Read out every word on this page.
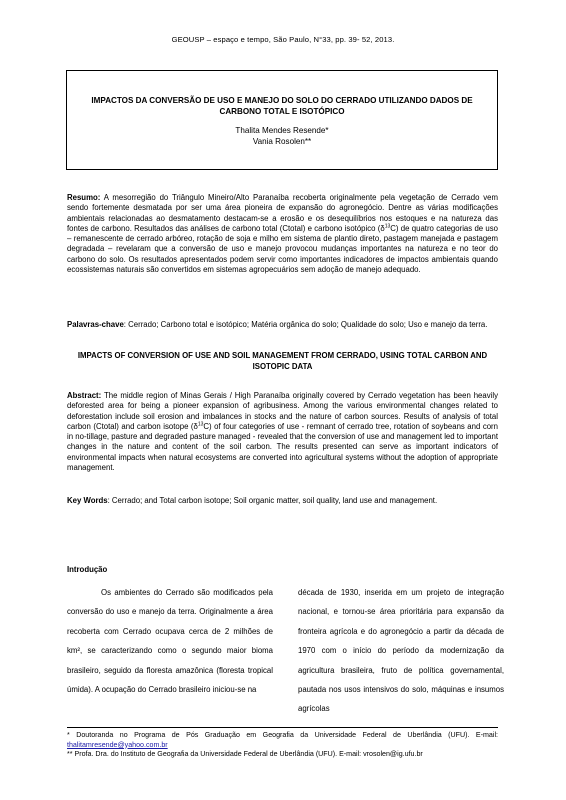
GEOUSP – espaço e tempo, São Paulo, N°33, pp. 39- 52, 2013.
IMPACTOS DA CONVERSÃO DE USO E MANEJO DO SOLO DO CERRADO UTILIZANDO DADOS DE CARBONO TOTAL E ISOTÓPICO
Thalita Mendes Resende*
Vania Rosolen**
Resumo: A mesorregião do Triângulo Mineiro/Alto Paranaíba recoberta originalmente pela vegetação de Cerrado vem sendo fortemente desmatada por ser uma área pioneira de expansão do agronegócio. Dentre as várias modificações ambientais relacionadas ao desmatamento destacam-se a erosão e os desequilíbrios nos estoques e na natureza das fontes de carbono. Resultados das análises de carbono total (Ctotal) e carbono isotópico $(\delta^{13}C)$ de quatro categorias de uso – remanescente de cerrado arbóreo, rotação de soja e milho em sistema de plantio direto, pastagem manejada e pastagem degradada – revelaram que a conversão de uso e manejo provocou mudanças importantes na natureza e no teor do carbono do solo. Os resultados apresentados podem servir como importantes indicadores de impactos ambientais quando ecossistemas naturais são convertidos em sistemas agropecuários sem adoção de manejo adequado.
Palavras-chave: Cerrado; Carbono total e isotópico; Matéria orgânica do solo; Qualidade do solo; Uso e manejo da terra.
IMPACTS OF CONVERSION OF USE AND SOIL MANAGEMENT FROM CERRADO, USING TOTAL CARBON AND ISOTOPIC DATA
Abstract: The middle region of Minas Gerais / High Paranaíba originally covered by Cerrado vegetation has been heavily deforested area for being a pioneer expansion of agribusiness. Among the various environmental changes related to deforestation include soil erosion and imbalances in stocks and the nature of carbon sources. Results of analysis of total carbon (Ctotal) and carbon isotope $(\delta^{13}C)$ of four categories of use - remnant of cerrado tree, rotation of soybeans and corn in no-tillage, pasture and degraded pasture managed - revealed that the conversion of use and management led to important changes in the nature and content of the soil carbon. The results presented can serve as important indicators of environmental impacts when natural ecosystems are converted into agricultural systems without the adoption of appropriate management.
Key Words: Cerrado; and Total carbon isotope; Soil organic matter, soil quality, land use and management.
Introdução
Os ambientes do Cerrado são modificados pela conversão do uso e manejo da terra. Originalmente a área recoberta com Cerrado ocupava cerca de 2 milhões de km², se caracterizando como o segundo maior bioma brasileiro, seguido da floresta amazônica (floresta tropical úmida). A ocupação do Cerrado brasileiro iniciou-se na
década de 1930, inserida em um projeto de integração nacional, e tornou-se área prioritária para expansão da fronteira agrícola e do agronegócio a partir da década de 1970 com o início do período da modernização da agricultura brasileira, fruto de política governamental, pautada nos usos intensivos do solo, máquinas e insumos agrícolas
* Doutoranda no Programa de Pós Graduação em Geografia da Universidade Federal de Uberlândia (UFU). E-mail: thalitamresende@yahoo.com.br
** Profa. Dra. do Instituto de Geografia da Universidade Federal de Uberlândia (UFU). E-mail: vrosolen@ig.ufu.br
